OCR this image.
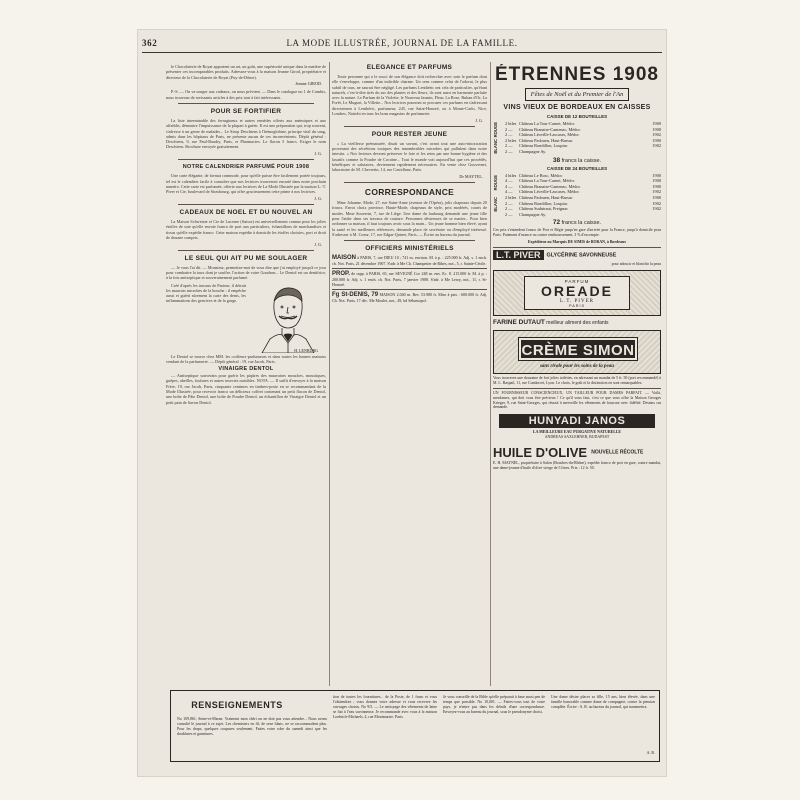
362	LA MODE ILLUSTRÉE, JOURNAL DE LA FAMILLE.

le Chocolaterie de Royat apportent un art, un goût, une supériorité unique dans la matière de présenter ces incomparables produits. Adressez-vous à la maison Jeanne Girod, propriétaire et directeur de la Chocolaterie de Royat (Puy-de-Dôme).

Jeanne GIROD.

P.-S. — On va songer aux cadeaux, on nous prévient. — Dans le catalogue no 1 de Combis, nous trouvons de ravissants articles à des prix tout à fait intéressants.

POUR SE FORTIFIER

La liste interminable des ferrugineux et autres remèdes offerts aux anémiques et aux affaiblis, démontre l'impuissance de la plupart à guérir. Il est une préparation qui, trop souvent, s'adresse à un genre de malades... Le Sirop Deschiens à l'hémoglobine, principe vital du sang, admis dans les hôpitaux de Paris, ne présente aucun de ces inconvénients. Dépôt général : Deschiens, 9, rue Paul-Baudry, Paris, et Pharmacies. Le flacon 5 francs. Exiger le nom Deschiens. Brochure envoyée gratuitement.

J. G.
NOTRE CALENDRIER PARFUMÉ POUR 1908

Une carte élégante, de format commode, pour qu'elle puisse être facilement portée toujours, tel est le calendrier facile à consulter que nos lectrices trouveront encarté dans notre prochain numéro. Cette carte est parfumée, offerte aux lectrices de La Mode Illustrée par la maison L.-T. Piver et Cie, boulevard de Strasbourg, qui offre gracieusement cette prime à nos lectrices.

J. G.
CADEAUX DE NOEL ET DU NOUVEL AN

La Maison Schweizer et Cie de Lucerne (Suisse) est universellement connue pour les jolies étoffes de soie qu'elle envoie franco de port aux particuliers, échantillons de marchandises et tissus qu'elle expédie franco. Cette maison expédie à domicile les étoffes choisies, port et droit de douane compris.

J. G.
LE SEUL QUI AIT PU ME SOULAGER

— Je vous l'ai dit. — Monsieur, permettez-moi de vous dire que j'ai employé jusqu'à ce jour pour combattre la toux dont je souffre, l'action de votre Goudron... Le Dentol est un dentifrice, à la fois antiseptique et souverainement parfumé.

Créé d'après les travaux de Pasteur, il détruit les mauvais microbes de la bouche ; il empêche aussi et guérit sûrement la carie des dents, les inflammations des gencives et de la gorge.

H. LENBURG

Le Dentol se trouve chez MM. les coiffeurs-parfumeurs et dans toutes les bonnes maisons vendant de la parfumerie. — Dépôt général : 19, rue Jacob, Paris.

VINAIGRE DENTOL

— Antiseptique souverain pour guérir les piqûres des mauvaises mouches, moustiques, guêpes, abeilles, foulures et autres insectes nuisibles. NOTA. — Il suffit d'envoyer à la maison Frère, 19, rue Jacob, Paris, cinquante centimes en timbres-poste en se recommandant de la Mode Illustrée, pour recevoir franco un délicieux coffret contenant un petit flacon de Dentol, une boîte de Pâte Dentol, une boîte de Poudre Dentol, un échantillon de Vinaigre Dentol et un petit pain de Savon Dentol.

ÉLÉGANCE ET PARFUMS

Toute personne qui a le souci de son élégance doit rechercher avec soin le parfum dont elle s'enveloppe, comme d'un indicible charme. Un sens comme celui de l'odorat, le plus subtil de tous, ne saurait être négligé. Les parfums Lenthéric ont cela de particulier, qu'étant naturels, c'est-à-dire tirés du suc des plantes et des fleurs, ils sont aussi en harmonie parfaite avec la nature. Le Parfum de la Violette, le Nouveau Jasmin, Fleur, La Rose, Ruban d'Or, La Forêt, Le Muguet, la Villette... Nos lectrices pourront se procurer ces parfums en s'adressant directement à Lenthéric, parfumeur, 245, rue Saint-Honoré, ou à Monte-Carlo, Nice, Londres, Nairobi en tous les bons magasins de parfumerie.

J. G.
POUR RESTER JEUNE

« La vieillesse prématurée, disait un savant, c'est avant tout une auto-intoxication provenant des sécrétions toxiques des innombrables microbes qui pullulent dans notre intestin. » Nos lecteurs devront préserver le foie et les reins par une bonne hygiène et des laxatifs comme la Poudre de Cocaïne... Tout le monde voit aujourd'hui que ces procédés, bénéfiques et salutaires, deviennent rapidement nécessaires. En vente chez Gouvernet, laboratoire de M. Chevretin, 14, rue Castellane, Paris.

Dr MAYTEL.
CORRESPONDANCE

Mme Johanne, Mode, 27, rue Saint-Anne (avenue de l'Opéra), jolis chapeaux depuis 20 francs. Envoi choix province. Haute-Mode, chapeaux de style, prix modérés, courts de modes. Mme Souverin, 7, rue de Liège. Une dame du faubourg demande une jeune fille pour l'aider dans ses travaux de couture. Personnes désireuses de se marier... Pour bien ordonner sa maison, il faut toujours avoir sous la main... Un jeune homme bien élevé, ayant la santé et les meilleures références, demande place de secrétaire ou d'employé intéressé. S'adresser à M. Coeur, 17, rue Edgar-Quinet, Paris. — Écrire au bureau du journal.

OFFICIERS MINISTÉRIELS
MAISON à PARIS, 7, rue DIEU 10 ; 741 m. environ. M. à p. : 225.000 fr. Adj. s. 1 ench. ch. Not. Paris, 21 décembre 1907. S'adr. à Me Ch. Champetier de Ribes, not., 5, r. Sainte-Cécile.
PROP. de rapp. à PARIS, 65, rue SEVIGNÉ Cce 248 m. env. Ec. 8. 215.000 fr. M. à p. : 200.000 fr. Adj. s. 1 ench. ch. Not. Paris, 7 janvier 1908. S'adr. à Me Leroy, not., 11, r. St-Honoré.
Fg St-DENIS, 79 MAISON 2.040 m. Rev. 53.980 fr. Mise à prix : 600.000 fr. Adj. Ch. Not. Paris, 17 déc. Me Moulet, not., 49, bd Sébastopol.
ÉTRENNES 1908
Fêtes de Noël et du Premier de l'An
VINS VIEUX DE BORDEAUX EN CAISSES
CAISSE DE 12 BOUTEILLES
ROUGE 2 btles Château La Tour-Carnet, Médoc	1900
2 —	Château Branaire-Cantenac, Médoc	1900
2 —	Château Léoville-Lascases, Médoc	1902
BLANC 2 btles Château Padouen, Haut-Barsac	1900
2 —	Château Rondillon, Loupiac	1902
2 —	Champagne Ay.
38 francs la caisse.
CAISSE DE 24 BOUTEILLES
ROUGE 4 btles Château Le Bosc, Médoc	1900
4 —	Château La Tour-Carnet, Médoc	1900
4 —	Château Branaire-Cantenac, Médoc	1900
4 —	Château Léoville-Lascases, Médoc	1902
BLANC 2 btles Château Padouen, Haut-Barsac	1900
2 —	Château Rondillon, Loupiac	1902
2 —	Château Suduiraut, Preignac	1902
2 —	Champagne Ay.
72 francs la caisse.
Ces prix s'entendent franco de Port et Régie jusqu'en gare d'arrivée pour la France, jusqu'à domicile pour Paris. Paiement d'avance ou contre remboursement, 3 % d'escompte.
Expéditeur au Marquis DE SIMIS de BORAN, à Bordeaux
L.T. PIVER GLYCÉRINE SAVONNEUSE
pour adoucir et blanchir la peau
PARFUM
OREADE
L.T. PIVER
PARIS
FARINE DUTAUT meilleur aliment des enfants
CRÈME SIMON
sans rivale pour les soins de la peau
Vous trouverez une douzaine de fort jolies toilettes, en adressant un mandat de 5 fr. 50 (port recommandé) à M. L. Raspail, 11, rue Condorcet, Lyon. Le choix, le goût et la distinction en sont remarquables.
UN FOURNISSEUR CONSCIENCIEUX, UN TAILLEUR POUR DAMES PARFAIT. — Voilà, mesdames, qui doit vous être précieux ! Ce qu'il vous faut, c'est ce que vous offre la Maison Georges Krieger, 9, rue Saint-Georges, qui réussit à merveille les vêtements de fourrure avec fidélité. Dessins sur demande.
HUNYADI JANOS
LA MEILLEURE EAU PURGATIVE NATURELLE
ANDREAS SAXLEHNER, BUDAPEST
HUILE D'OLIVE NOUVELLE RÉCOLTE
E. H. MAYNEL, propriétaire à Salon (Bouches-du-Rhône), expédie franco de port en gare, contre mandat, une dame-jeanne d'huile d'olive vierge de 5 litres. Prix : 12 fr. 50.
RENSEIGNEMENTS
No 109,861, Seine-et-Marne. Vraiment mon chéri on ne doit pas vous attendre... Nous avons consulté le journal à ce sujet. Les chemisiers en fil, de sexe blanc, ne se raccommodent plus. Pour les draps, quelques coupures seulement. Faites votre robe du samedi ainsi que les doublures et garnitures.
tion de toutes les fournitures... de la Poste, de 1 franc et vous l'obtiendrez ; vous donnez votre adresse et vous recevrez les ouvrages choisis. No 9/5. — Le nettoyage des vêtements de laine se fait à l'eau savonneuse. Je recommande avec vous à la maison Loebrich-Michaels, 4, rue Montmartre, Paris.
Je vous conseille de la Bible qu'elle préparait à base aussi peu de temps que possible. No 10,001. — Faites-vous tout de votre pays, je n'entre pas dans les détails d'une correspondance. Envoyez-vous au bureau du journal, sous le pseudonyme choisi.
Une dame désire placer sa fille, 15 ans, bien élevée, dans une famille honorable comme dame de compagnie, contre la pension complète. Écrire : A. R. au bureau du journal, qui transmettra.
A. B.
